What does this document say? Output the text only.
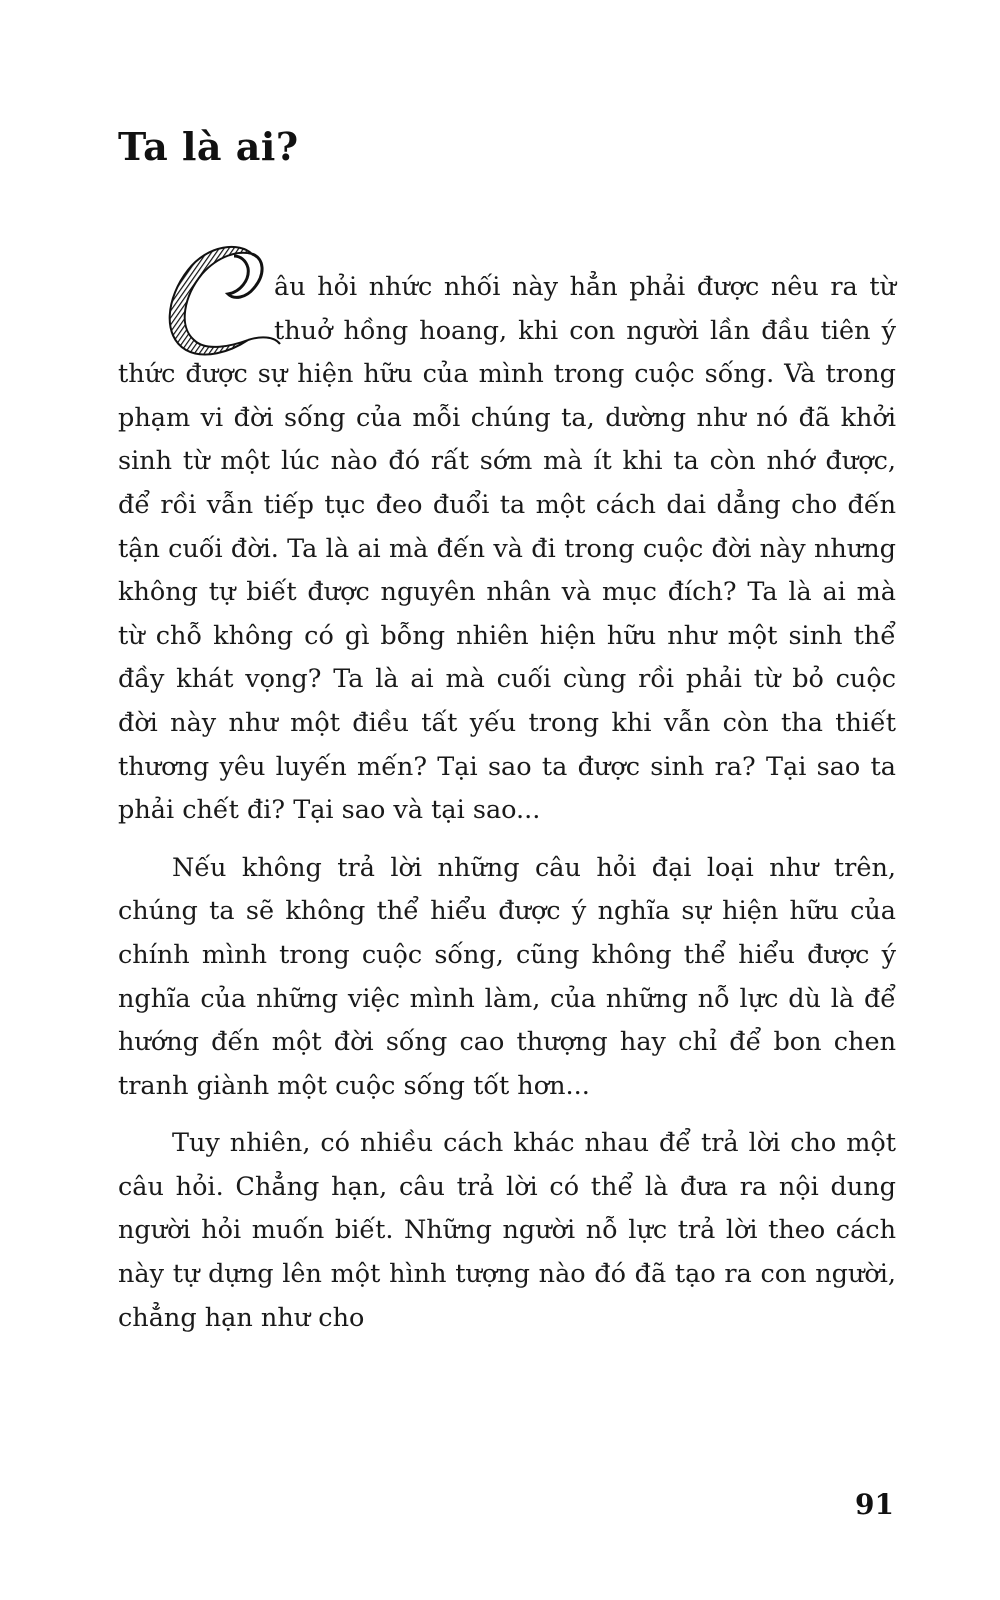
Ta là ai?

C
âu hỏi nhức nhối này hẳn phải được nêu ra từ thuở hồng hoang, khi con người lần đầu tiên ý thức được sự hiện hữu của mình trong cuộc sống. Và trong phạm vi đời sống của mỗi chúng ta, dường như nó đã khởi sinh từ một lúc nào đó rất sớm mà ít khi ta còn nhớ được, để rồi vẫn tiếp tục đeo đuổi ta một cách dai dẳng cho đến tận cuối đời. Ta là ai mà đến và đi trong cuộc đời này nhưng không tự biết được nguyên nhân và mục đích? Ta là ai mà từ chỗ không có gì bỗng nhiên hiện hữu như một sinh thể đầy khát vọng? Ta là ai mà cuối cùng rồi phải từ bỏ cuộc đời này như một điều tất yếu trong khi vẫn còn tha thiết thương yêu luyến mến? Tại sao ta được sinh ra? Tại sao ta phải chết đi? Tại sao và tại sao...

Nếu không trả lời những câu hỏi đại loại như trên, chúng ta sẽ không thể hiểu được ý nghĩa sự hiện hữu của chính mình trong cuộc sống, cũng không thể hiểu được ý nghĩa của những việc mình làm, của những nỗ lực dù là để hướng đến một đời sống cao thượng hay chỉ để bon chen tranh giành một cuộc sống tốt hơn...

Tuy nhiên, có nhiều cách khác nhau để trả lời cho một câu hỏi. Chẳng hạn, câu trả lời có thể là đưa ra nội dung người hỏi muốn biết. Những người nỗ lực trả lời theo cách này tự dựng lên một hình tượng nào đó đã tạo ra con người, chẳng hạn như cho

91
